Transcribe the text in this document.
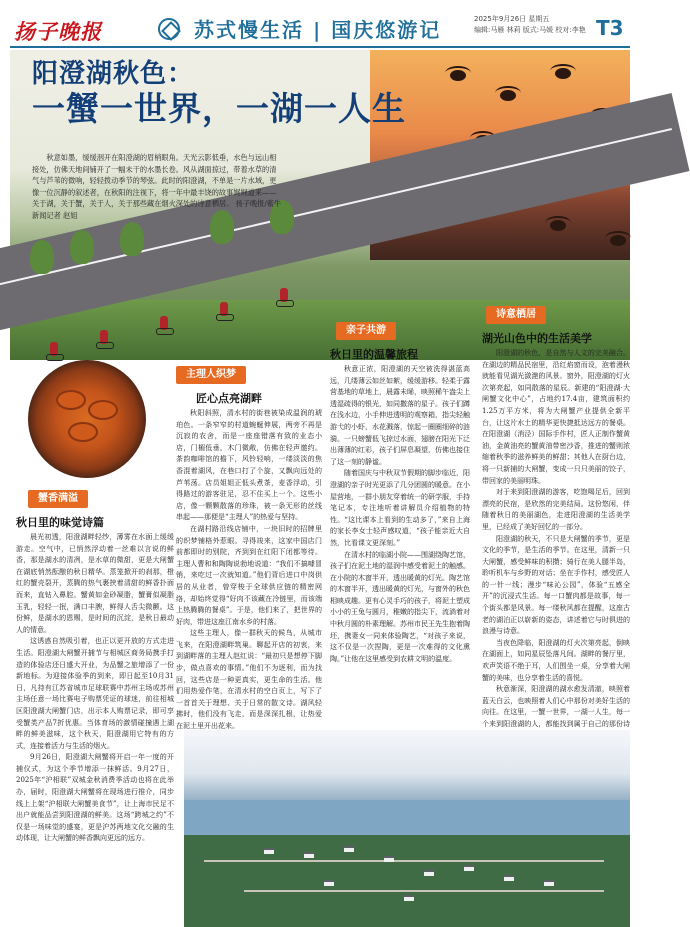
扬子晚报	苏式慢生活 | 国庆悠游记	2025年9月26日 星期五
编辑:马雁 林莉 版式:马媛 校对:李艳 T3
阳澄湖秋色：
一蟹一世界，一湖一人生
秋意如墨，缓缓洇开在阳澄湖的眉梢眼角。天光云影低垂，水色与远山相接处，仿佛天地间铺开了一幅未干的水墨长卷。风从湖面掠过，带着水草的清气与芦苇的微响，轻轻拨动季节的琴弦。此时的阳澄湖，不单是一片水域，更像一位沉静的叙述者，在秋阳的注视下，将一年中最丰饶的故事娓娓道来——关于湖，关于蟹，关于人，关于那些藏在烟火深处的诗意栖居。 扬子晚报/紫牛新闻记者 赵姐
蟹香满溢
秋日里的味觉诗篇

晨光初透，阳澄湖畔轻纱，薄雾在水面上缓缓游走。空气中，已悄然浮动着一丝难以言说的鲜香，那是湖水的清冽，是水草的微甜，更是大闸蟹在湖底悄然酝酿的秋日精华。蒸笼掀开的刹那，橙红的蟹壳裂开，蒸腾的热气裹挟着清甜的鲜香扑面而来，直钻入鼻腔。蟹黄如金砂凝脂，蟹膏似凝脂玉乳，轻轻一抿，满口丰腴，鲜得人舌尖微颤。这份鲜，是湖水的恩赐，是时间的沉淀，是秋日最动人的情意。

这诱惑自然吸引着，也正以更开放的方式走进生活。阳澄湖大闸蟹开捕节与相城区商务局携手打造的体验店还日盛大开业，为品蟹之旅增添了一份新地标。为迎接体验季的到来，即日起至10月31日，凡持有江苏省城市足球联赛中苏州主场或苏州主场任意一场比赛电子购票凭证的球迷，前往相城区阳澄湖大闸蟹门店，出示本人购票记录，即可享受蟹类产品7折优惠。当体育场的激情碰撞遇上湖畔的鲜美滋味，这个秋天，阳澄湖用它特有的方式，连接着活力与生活的烟火。

9月26日，阳澄湖大闸蟹将开启一年一度的开捕仪式，为这个季节增添一抹鲜活。9月27日，2025年“沪相联”双城金秋消费季活动也将在此举办，届时，阳澄湖大闸蟹将在现场进行推介，同步线上上架“沪相联大闸蟹美食节”，让上海市民足不出户就能品尝到阳澄湖的鲜美。这场“跨城之约”不仅是一场味觉的盛宴，更是沪苏两地文化交融的生动体现，让大闸蟹的鲜香飘向更远的远方。

主理人织梦
匠心点亮湖畔

秋阳斜照，清水村的街巷被染成温润的琥珀色。一条窄窄的村道蜿蜒伸展，两旁不再是沉寂的农舍，而是一座座错落有致的业态小店，门楣低垂，木门微敞，仿佛在轻声邀约。茶韵咖啡馆的檐下，风铃轻响，一缕淡淡的焦香混着湖风，在巷口打了个旋，又飘向远处的芦苇荡。店员姐姐正低头煮茶，麦香浮动，引得路过的游客驻足，忍不住买上一个。这些小店，像一颗颗散落的珍珠，被一条无形的丝线串起——那便是“主理人”的热爱与坚持。

在湖村路沿线店铺中，一块旧时的招牌里的织梦铺格外惹眼。寻得竣来，这家中国店门前都即时的别院，齐到到在红阳下闭都等待。主理人曹和和陶陶说勃地说道：“我们不搞噱冒销，来吃过一次就知道。”他们背后进口中岗供居的从业者，曾穿梭于全球供应链的精密网络，却始终觉得“好肉不该藏在冷链里，而该端上热腾腾的餐桌”。于是，他们来了，把世界的好肉，带进这座江南水乡的村落。

这些主理人，像一群秋天的候鸟，从城市飞来，在阳澄湖畔筑巢。聊起开店的初衷，来到湖畔落的主理人赵红说：“最初只是想停下脚步，做点喜欢的事情。”他们不为逐利，而为找回，这些店是一种更真实，更生命的生活。他们用热爱作笔，在清水村的空白页上，写下了一首首关于理想、关于日常的散文诗。湖风轻拂时，他们没有飞走，而是深深扎根，让热爱在泥土里开出花来。

亲子共游
秋日里的温馨旅程

秋意正浓，阳澄湖的天空被洗得湛蓝高远，几缕薄云如丝如絮，缓缓游移。轻柔于露营基地的草地上，晨露未晞，映照稀午盎尖上透湿疏得的银光，如同撒落的星子。孩子们蹲在浅水边，小手伸进透明的观察箱，指尖轻触游弋的小虾，水花溅落，惊起一圈圈细碎的涟漪。一只螃蟹低飞掠过水面，翅膀在阳光下泛出薄薄的红彩，孩子们屏息凝望，仿佛也接住了这一刻的静谧。

随着国庆与中秋双节假期的脚步临近，阳澄湖的亲子时光更添了几分团圆的暖意。在小屋营地，一群小朋友穿着统一的研学服，手持笔记本，专注地听着讲解员介绍植物的特性。“这比课本上看到的生动多了，”来自上海的家长李女士轻声感叹道，“孩子能亲近大自然，比看课文更深刻。”

在清水村的临湖小院——围湖绕陶艺馆，孩子们在泥土地的湿润中感受着泥土的触感。在小院的木窗半开，透出暖黄的灯光。陶艺馆的木窗半开，透出暖黄的灯光，与窗外的秋色相映成趣。更有心灵手巧的孩子，将泥土塑成小小的王兔与圆月，稚嫩的指尖下，流淌着对中秋月圆的朴素理解。苏州市民王先生抱着陶坯，携妻女一同来体验陶艺，“对孩子来说，这不仅是一次捏陶，更是一次难得的文化熏陶。”让他在这里感受到农耕文明的温度。

诗意栖居
湖光山色中的生活美学

阳澄湖的秋色，是自然与人文的完美融合。在湖边的精品民宿里，沿红焰窗而设，泡着漫秋就能看见湖光潋滟的风景。窗外，阳澄湖的灯火次第亮起，如同散落的星辰。新建的“阳澄湖·大闸蟹文化中心”，占地约17.4亩，建筑面积约1.25万平方米，将为大闸蟹产业提供全新平台，让这片水土的精华更快捷抵达远方的餐桌。在阳澄湖（消泾）国际手作村，匠人正制作蟹黄油，金黄油亮的蟹黄油带密沙香，推进的蟹则浓缩着秋季的滋养鲜美的鲜甜；其他人在厨台边，将一只新捕的大闸蟹，变成一只只美丽的饺子，带回家的美丽明珠。

对于来到阳澄湖的游客，吃饱喝足后，回到漂亮的民宿，是欣然的完美结局。这份悠闲，伴随着秋日的美丽湖色，走进阳澄湖的生活美学里，已经成了美好回忆的一部分。

阳澄湖的秋天，不只是大闸蟹的季节，更是文化的季节，是生活的季节。在这里，清新一只大闸蟹，感受鲜味的积攒；骑行在美人腿半岛，聆听机车与乡野的对话；坐在手作村，感受匠人的一针一线；漫步“味沁公园”，体验“五感全开”的沉浸式生活。每一口蟹肉都是故事，每一个街头都是风景。每一缕秋风都在提醒，这座古老的湖泊正以崭新的姿态，讲述着它与时俱进的浪漫与诗意。

当夜色降临，阳澄湖的灯火次第亮起，倒映在湖面上，如同星辰坠落凡间。湖畔的餐厅里，欢声笑语不绝于耳，人们围坐一桌，分享着大闸蟹的美味，也分享着生活的喜悦。

秋意渐深，阳澄湖的湖水愈发清澈，映照着蓝天白云，也映照着人们心中那份对美好生活的向往。在这里，一蟹一世界，一湖一人生，每一个来到阳澄湖的人，都能找到属于自己的那份诗
